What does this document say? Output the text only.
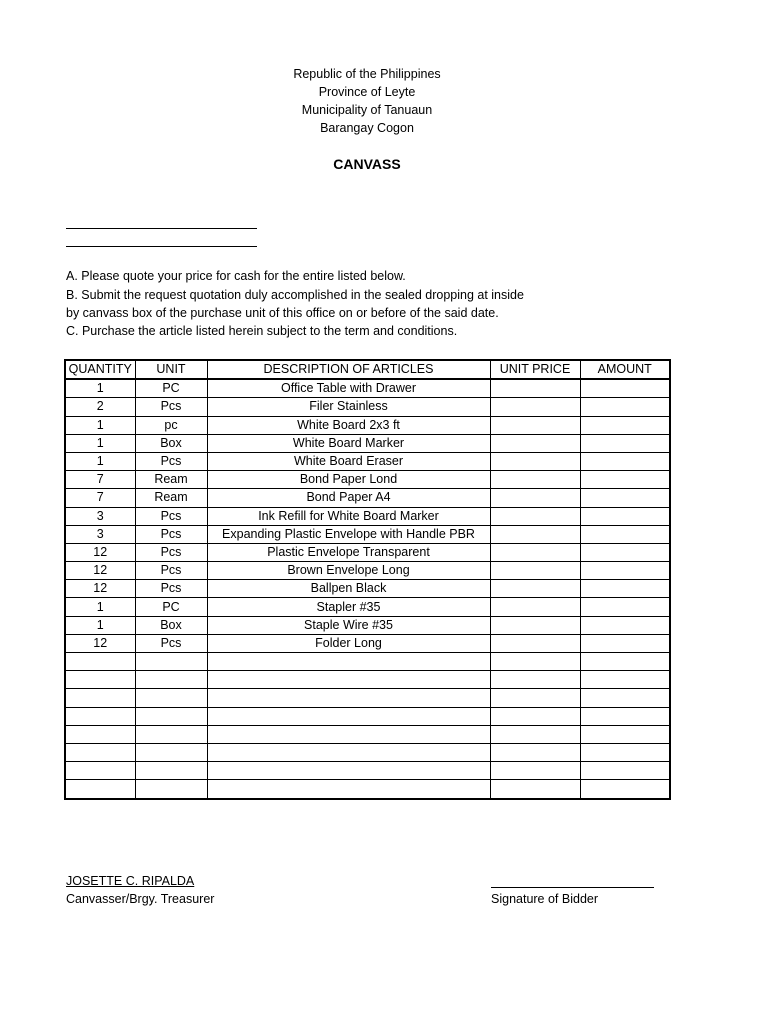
Republic of the Philippines
Province of Leyte
Municipality of Tanuaun
Barangay Cogon
CANVASS
A. Please quote your price for cash for the entire listed below.
B. Submit the request quotation duly accomplished in the sealed dropping at inside
by canvass box of the purchase unit of this office on or before of the said date.
C. Purchase the article listed herein subject to the term and conditions.
QUANTITY	UNIT	DESCRIPTION OF ARTICLES	UNIT PRICE	AMOUNT
1	PC	Office Table with Drawer		
2	Pcs	Filer Stainless		
1	pc	White Board 2x3 ft		
1	Box	White Board Marker		
1	Pcs	White Board Eraser		
7	Ream	Bond Paper Lond		
7	Ream	Bond Paper A4		
3	Pcs	Ink Refill for White Board Marker		
3	Pcs	Expanding Plastic Envelope with Handle PBR		
12	Pcs	Plastic Envelope Transparent		
12	Pcs	Brown Envelope Long		
12	Pcs	Ballpen Black		
1	PC	Stapler #35		
1	Box	Staple Wire #35		
12	Pcs	Folder Long		

JOSETTE C. RIPALDA
Canvasser/Brgy. Treasurer	Signature of Bidder
